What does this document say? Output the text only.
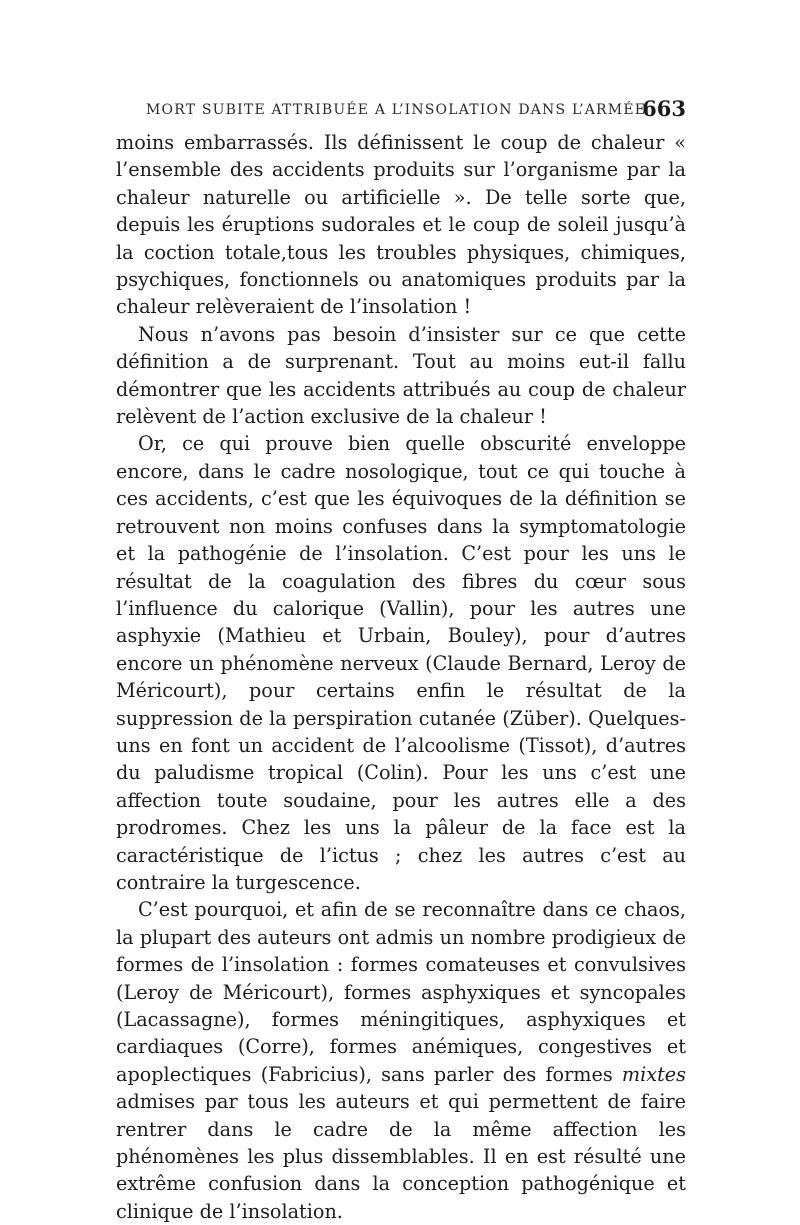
MORT SUBITE ATTRIBUÉE A L’INSOLATION DANS L’ARMÉE
663

moins embarrassés. Ils définissent le coup de chaleur « l’ensemble des accidents produits sur l’organisme par la chaleur naturelle ou artificielle ». De telle sorte que, depuis les éruptions sudorales et le coup de soleil jusqu’à la coction totale,tous les troubles physiques, chimiques, psychiques, fonctionnels ou anatomiques produits par la chaleur relèveraient de l’insolation !

Nous n’avons pas besoin d’insister sur ce que cette définition a de surprenant. Tout au moins eut-il fallu démontrer que les accidents attribués au coup de chaleur relèvent de l’action exclusive de la chaleur !

Or, ce qui prouve bien quelle obscurité enveloppe encore, dans le cadre nosologique, tout ce qui touche à ces accidents, c’est que les équivoques de la définition se retrouvent non moins confuses dans la symptomatologie et la pathogénie de l’insolation. C’est pour les uns le résultat de la coagulation des fibres du cœur sous l’influence du calorique (Vallin), pour les autres une asphyxie (Mathieu et Urbain, Bouley), pour d’autres encore un phénomène nerveux (Claude Bernard, Leroy de Méricourt), pour certains enfin le résultat de la suppression de la perspiration cutanée (Züber). Quelques-uns en font un accident de l’alcoolisme (Tissot), d’autres du paludisme tropical (Colin). Pour les uns c’est une affection toute soudaine, pour les autres elle a des prodromes. Chez les uns la pâleur de la face est la caractéristique de l’ictus ; chez les autres c’est au contraire la turgescence.

C’est pourquoi, et afin de se reconnaître dans ce chaos, la plupart des auteurs ont admis un nombre prodigieux de formes de l’insolation : formes comateuses et convulsives (Leroy de Méricourt), formes asphyxiques et syncopales (Lacassagne), formes méningitiques, asphyxiques et cardiaques (Corre), formes anémiques, congestives et apoplectiques (Fabricius), sans parler des formes mixtes admises par tous les auteurs et qui permettent de faire rentrer dans le cadre de la même affection les phénomènes les plus dissemblables. Il en est résulté une extrême confusion dans la conception pathogénique et clinique de l’insolation.
